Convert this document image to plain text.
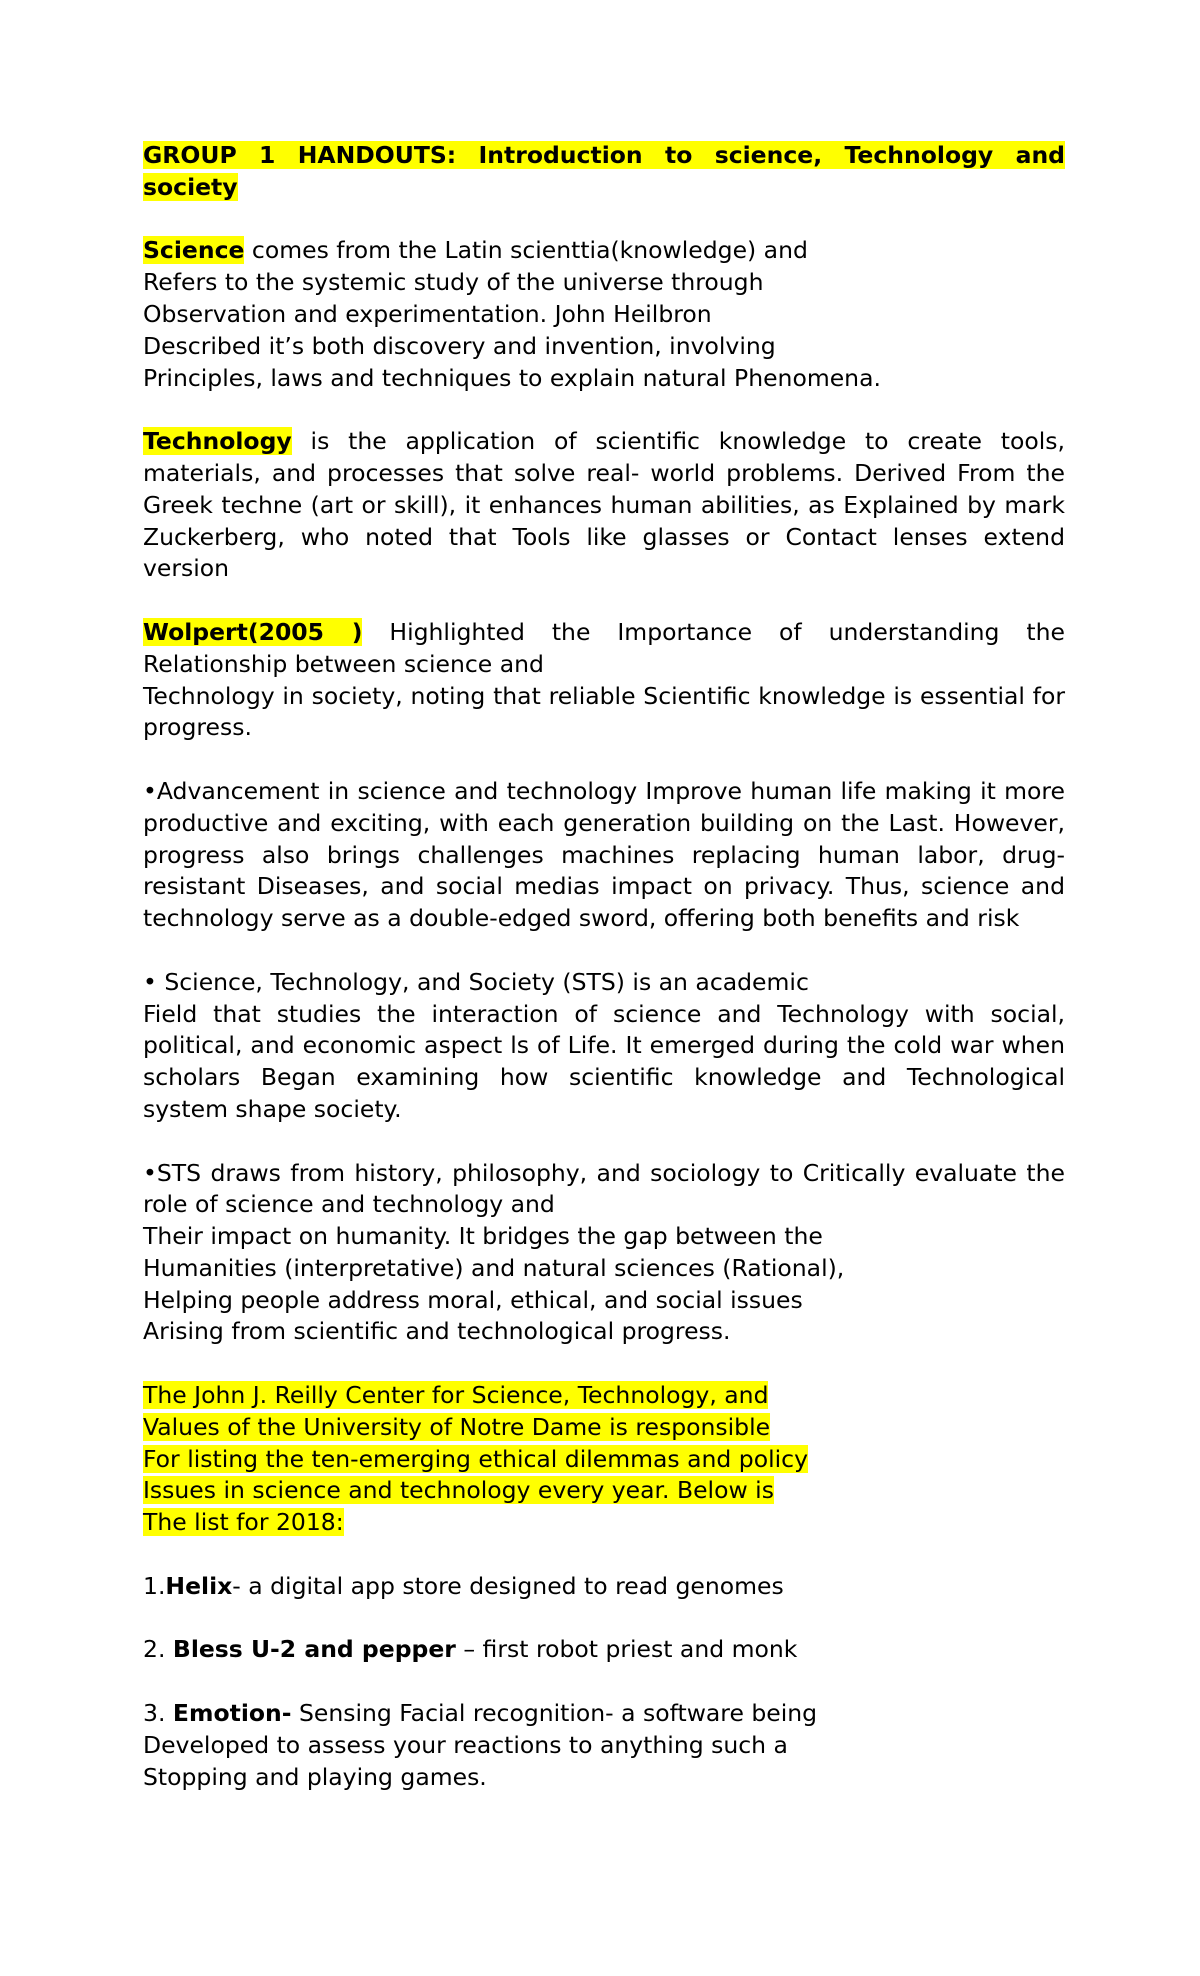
GROUP 1 HANDOUTS: Introduction to science, Technology and society

Science comes from the Latin scienttia(knowledge) and
Refers to the systemic study of the universe through
Observation and experimentation. John Heilbron
Described it’s both discovery and invention, involving
Principles, laws and techniques to explain natural Phenomena.

Technology is the application of scientific knowledge to create tools, materials, and processes that solve real- world problems. Derived From the Greek techne (art or skill), it enhances human abilities, as Explained by mark Zuckerberg, who noted that Tools like glasses or Contact lenses extend version

Wolpert(2005 ) Highlighted the Importance of understanding the
Relationship between science and
Technology in society, noting that reliable Scientific knowledge is essential for progress.

•Advancement in science and technology Improve human life making it more productive and exciting, with each generation building on the Last. However, progress also brings challenges machines replacing human labor, drug-resistant Diseases, and social medias impact on privacy. Thus, science and technology serve as a double-edged sword, offering both benefits and risk

• Science, Technology, and Society (STS) is an academic
Field that studies the interaction of science and Technology with social, political, and economic aspect ls of Life. It emerged during the cold war when scholars Began examining how scientific knowledge and Technological system shape society.

•STS draws from history, philosophy, and sociology to Critically evaluate the role of science and technology and
Their impact on humanity. It bridges the gap between the
Humanities (interpretative) and natural sciences (Rational),
Helping people address moral, ethical, and social issues
Arising from scientific and technological progress.

The John J. Reilly Center for Science, Technology, and
Values of the University of Notre Dame is responsible
For listing the ten-emerging ethical dilemmas and policy
Issues in science and technology every year. Below is
The list for 2018:

1.Helix- a digital app store designed to read genomes

2. Bless U-2 and pepper – first robot priest and monk

3. Emotion- Sensing Facial recognition- a software being
Developed to assess your reactions to anything such a
Stopping and playing games.
